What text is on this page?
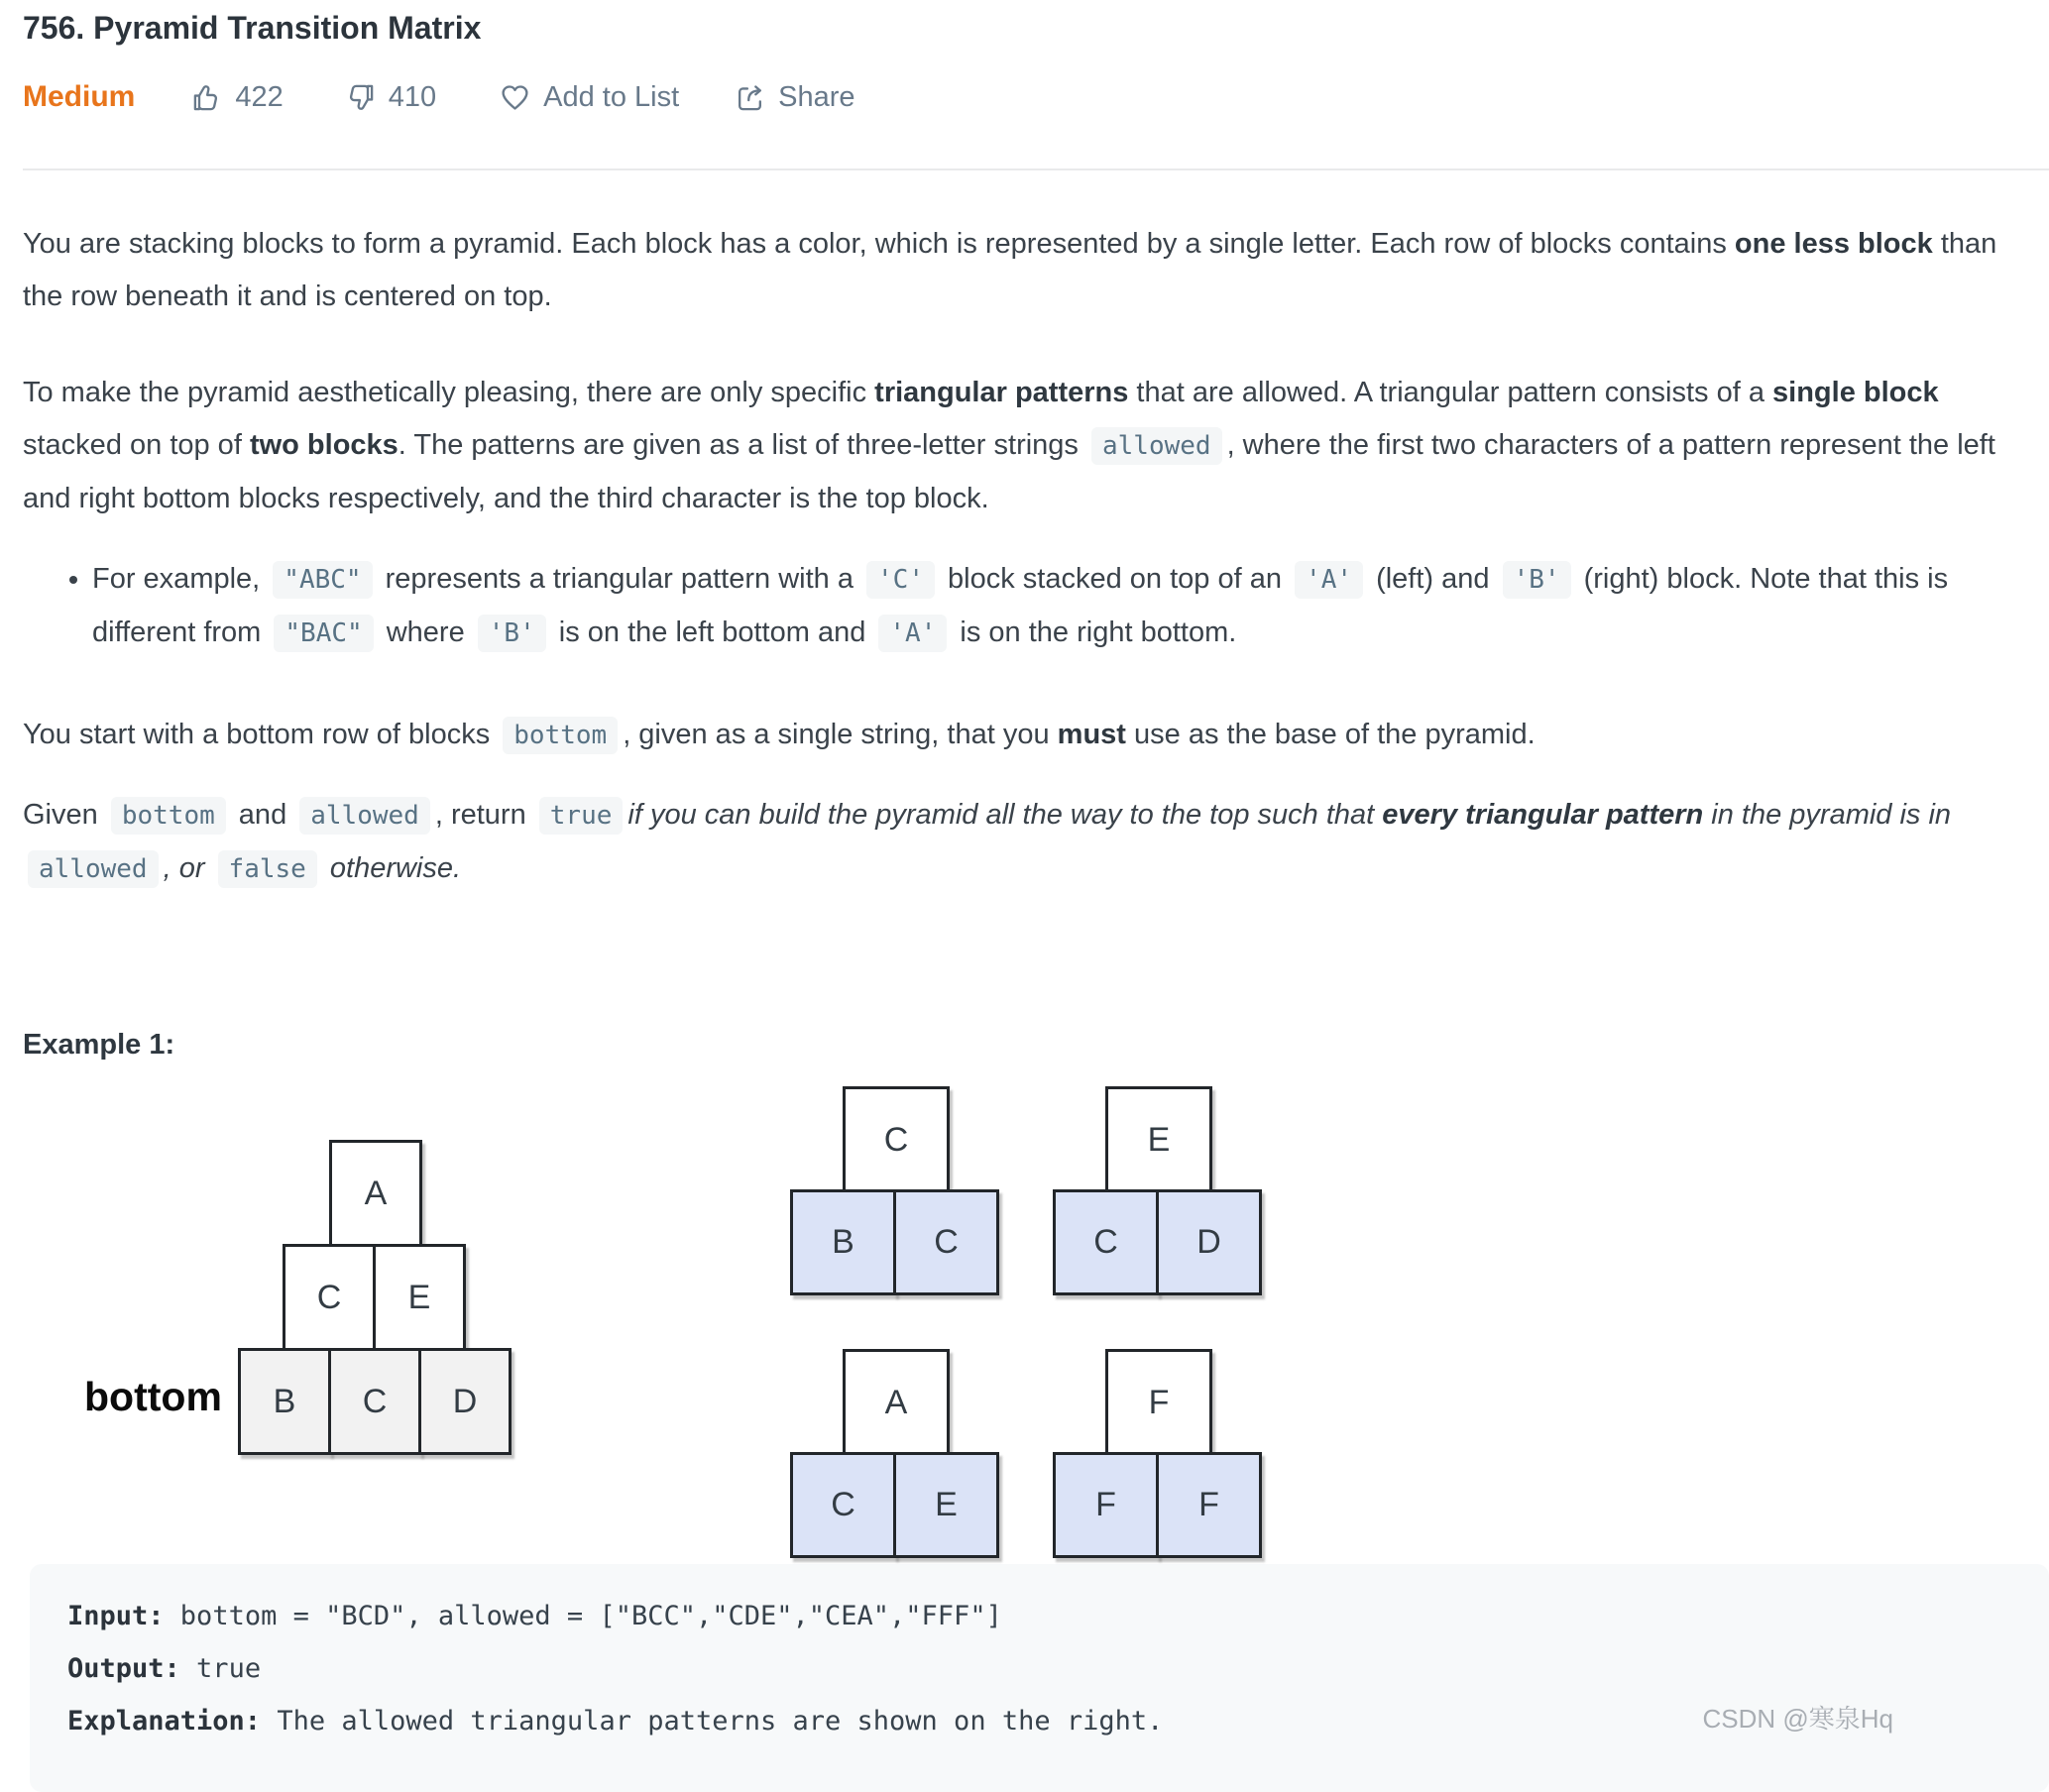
756. Pyramid Transition Matrix
Medium	422	410	Add to List	Share

You are stacking blocks to form a pyramid. Each block has a color, which is represented by a single letter. Each row of blocks contains one less block than the row beneath it and is centered on top.

To make the pyramid aesthetically pleasing, there are only specific triangular patterns that are allowed. A triangular pattern consists of a single block stacked on top of two blocks. The patterns are given as a list of three-letter strings allowed , where the first two characters of a pattern represent the left and right bottom blocks respectively, and the third character is the top block.

• For example, "ABC" represents a triangular pattern with a 'C' block stacked on top of an 'A' (left) and 'B' (right) block. Note that this is different from "BAC" where 'B' is on the left bottom and 'A' is on the right bottom.

You start with a bottom row of blocks bottom , given as a single string, that you must use as the base of the pyramid.

Given bottom and allowed , return true if you can build the pyramid all the way to the top such that every triangular pattern in the pyramid is in allowed , or false otherwise.

Example 1:

bottom
A
C	E
B	C	D
C
B	C
E
C	D
A
C	E
F
F	F
Input: bottom = "BCD", allowed = ["BCC","CDE","CEA","FFF"]
Output: true
Explanation: The allowed triangular patterns are shown on the right.	CSDN @寒泉Hq
